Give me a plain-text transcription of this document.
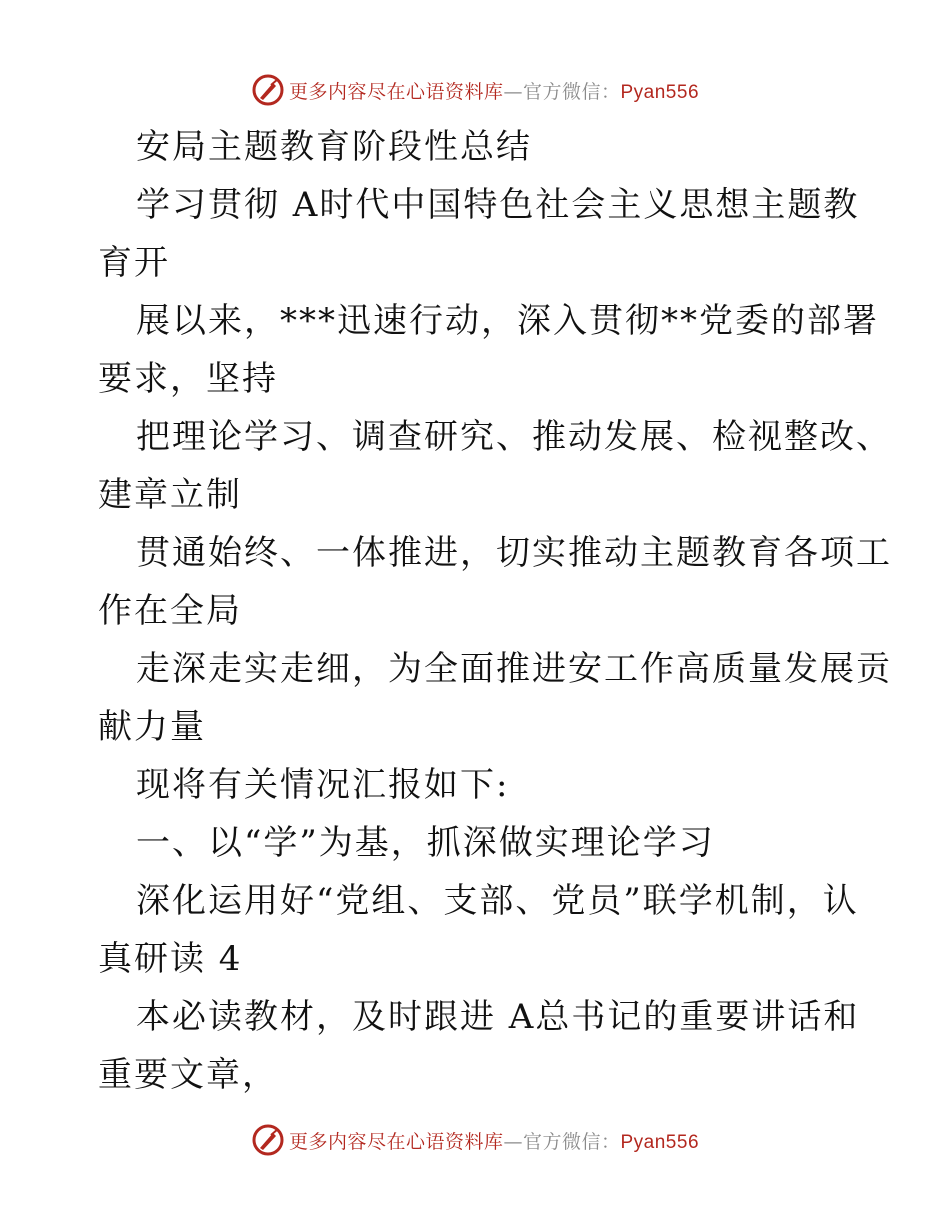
更多内容尽在心语资料库—官方微信：Pyan556
安局主题教育阶段性总结
学习贯彻 A时代中国特色社会主义思想主题教
育开
展以来，***迅速行动，深入贯彻**党委的部署
要求，坚持
把理论学习、调查研究、推动发展、检视整改、
建章立制
贯通始终、一体推进，切实推动主题教育各项工
作在全局
走深走实走细，为全面推进安工作高质量发展贡
献力量
现将有关情况汇报如下:
一、以“学”为基，抓深做实理论学习
深化运用好“党组、支部、党员”联学机制，认
真研读 4
本必读教材，及时跟进 A总书记的重要讲话和
重要文章，
更多内容尽在心语资料库—官方微信：Pyan556
